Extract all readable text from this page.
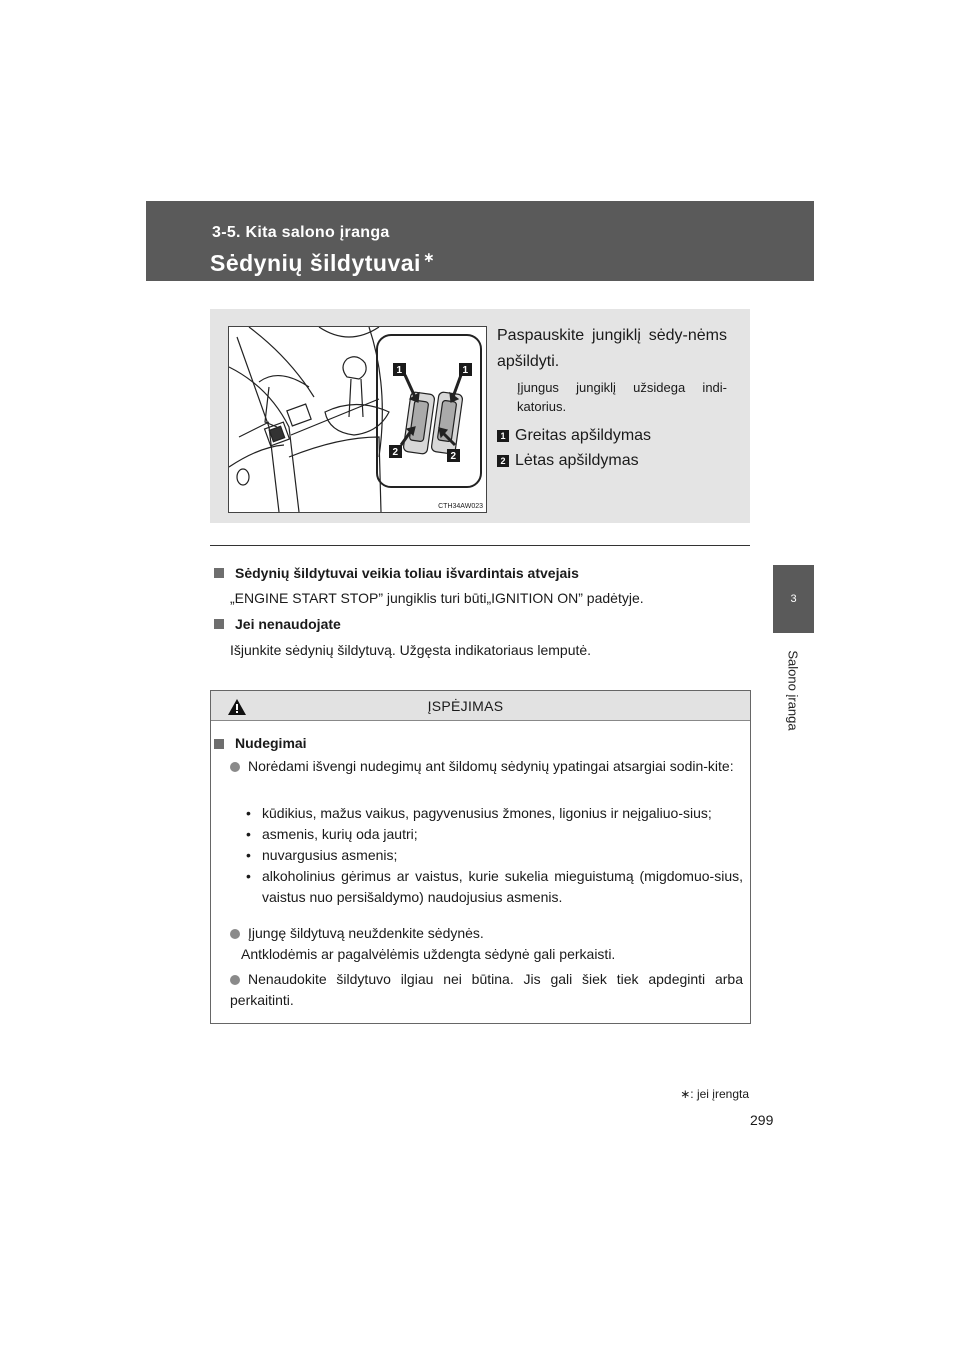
3-5. Kita salono įranga
Sėdynių šildytuvai ∗
3
Salono įranga
1	1
2	2
CTH34AW023
Paspauskite jungiklį sėdy-nėms apšildyti.
Įjungus jungiklį užsidega indi-katorius.
1 Greitas apšildymas
2 Lėtas apšildymas
Sėdynių šildytuvai veikia toliau išvardintais atvejais
„ENGINE START STOP” jungiklis turi būti„IGNITION ON” padėtyje.
Jei nenaudojate
Išjunkite sėdynių šildytuvą. Užgęsta indikatoriaus lemputė.
ĮSPĖJIMAS
Nudegimai
Norėdami išvengi nudegimų ant šildomų sėdynių ypatingai atsargiai sodin-kite:
• kūdikius, mažus vaikus, pagyvenusius žmones, ligonius ir neįgaliuo-sius;
• asmenis, kurių oda jautri;
• nuvargusius asmenis;
• alkoholinius gėrimus ar vaistus, kurie sukelia mieguistumą (migdomuo-sius, vaistus nuo persišaldymo) naudojusius asmenis.
Įjungę šildytuvą neuždenkite sėdynės.
Antklodėmis ar pagalvėlėmis uždengta sėdynė gali perkaisti.
Nenaudokite šildytuvo ilgiau nei būtina. Jis gali šiek tiek apdeginti arba perkaitinti.
∗: jei įrengta
299
